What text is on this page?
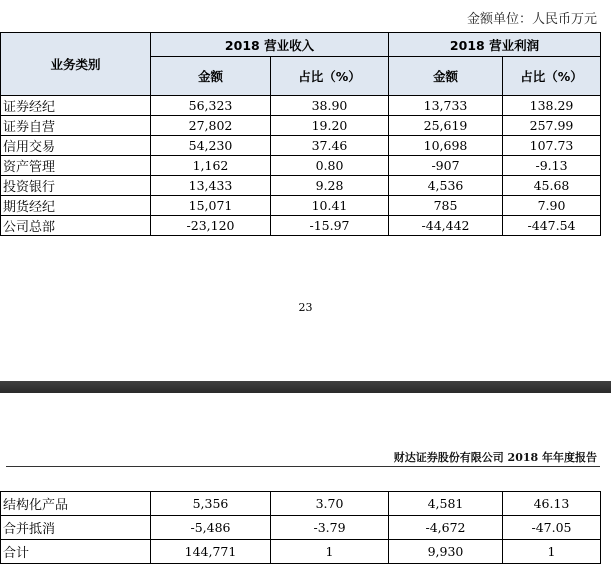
金额单位：人民币万元
业务类别	2018 营业收入		2018 营业利润	
	金额	占比（%）	金额	占比（%）
证券经纪	56,323	38.90	13,733	138.29
证券自营	27,802	19.20	25,619	257.99
信用交易	54,230	37.46	10,698	107.73
资产管理	1,162	0.80	-907	-9.13
投资银行	13,433	9.28	4,536	45.68
期货经纪	15,071	10.41	785	7.90
公司总部	-23,120	-15.97	-44,442	-447.54
23
财达证券股份有限公司 2018 年年度报告
结构化产品	5,356	3.70	4,581	46.13
合并抵消	-5,486	-3.79	-4,672	-47.05
合计	144,771	1	9,930	1
